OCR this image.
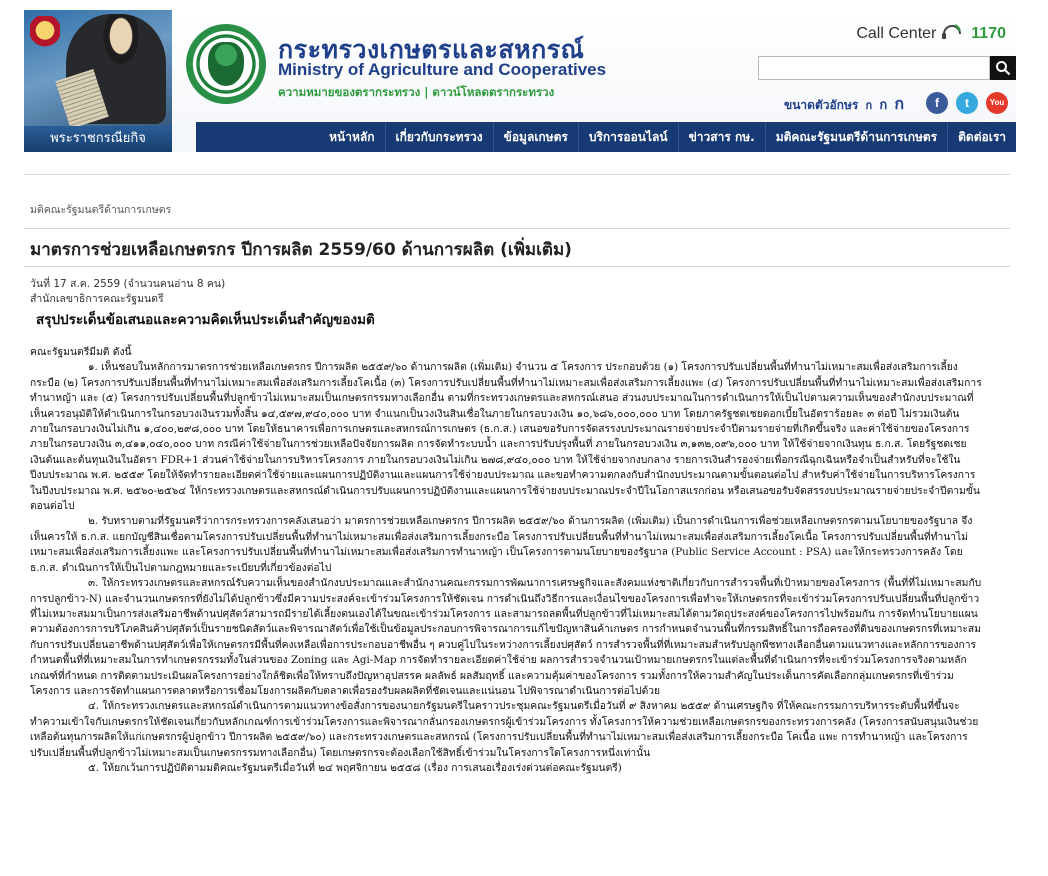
พระราชกรณียกิจ
กระทรวงเกษตรและสหกรณ์
Ministry of Agriculture and Cooperatives
ความหมายของตรากระทรวง | ดาวน์โหลดตรากระทรวง
Call Center 1170
ขนาดตัวอักษร ก ก ก	f	t	You
หน้าหลัก	เกี่ยวกับกระทรวง	ข้อมูลเกษตร	บริการออนไลน์	ข่าวสาร กษ.	มติคณะรัฐมนตรีด้านการเกษตร	ติดต่อเรา
มติคณะรัฐมนตรีด้านการเกษตร
มาตรการช่วยเหลือเกษตรกร ปีการผลิต 2559/60 ด้านการผลิต (เพิ่มเติม)
วันที่ 17 ส.ค. 2559 (จำนวนคนอ่าน 8 คน)
สำนักเลขาธิการคณะรัฐมนตรี
สรุปประเด็นข้อเสนอและความคิดเห็นประเด็นสำคัญของมติ

คณะรัฐมนตรีมีมติ ดังนี้

๑. เห็นชอบในหลักการมาตรการช่วยเหลือเกษตรกร ปีการผลิต ๒๕๕๙/๖๐ ด้านการผลิต (เพิ่มเติม) จำนวน ๕ โครงการ ประกอบด้วย (๑) โครงการปรับเปลี่ยนพื้นที่ทำนาไม่เหมาะสมเพื่อส่งเสริมการเลี้ยงกระบือ (๒) โครงการปรับเปลี่ยนพื้นที่ทำนาไม่เหมาะสมเพื่อส่งเสริมการเลี้ยงโคเนื้อ (๓) โครงการปรับเปลี่ยนพื้นที่ทำนาไม่เหมาะสมเพื่อส่งเสริมการเลี้ยงแพะ (๔) โครงการปรับเปลี่ยนพื้นที่ทำนาไม่เหมาะสมเพื่อส่งเสริมการทำนาหญ้า และ (๕) โครงการปรับเปลี่ยนพื้นที่ปลูกข้าวไม่เหมาะสมเป็นเกษตรกรรมทางเลือกอื่น ตามที่กระทรวงเกษตรและสหกรณ์เสนอ ส่วนงบประมาณในการดำเนินการให้เป็นไปตามความเห็นของสำนักงบประมาณที่เห็นควรอนุมัติให้ดำเนินการในกรอบวงเงินรวมทั้งสิ้น ๑๔,๕๙๗,๙๔๐,๐๐๐ บาท จำแนกเป็นวงเงินสินเชื่อในภายในกรอบวงเงิน ๑๐,๖๘๖,๐๐๐,๐๐๐ บาท โดยภาครัฐชดเชยดอกเบี้ยในอัตราร้อยละ ๓ ต่อปี ไม่รวมเงินต้น ภายในกรอบวงเงินไม่เกิน ๑,๔๐๐,๒๙๘,๐๐๐ บาท โดยให้ธนาคารเพื่อการเกษตรและสหกรณ์การเกษตร (ธ.ก.ส.) เสนอขอรับการจัดสรรงบประมาณรายจ่ายประจำปีตามรายจ่ายที่เกิดขึ้นจริง และค่าใช้จ่ายของโครงการ ภายในกรอบวงเงิน ๓,๔๑๑,๐๔๐,๐๐๐ บาท กรณีค่าใช้จ่ายในการช่วยเหลือปัจจัยการผลิต การจัดทำระบบน้ำ และการปรับปรุงพื้นที่ ภายในกรอบวงเงิน ๓,๑๓๒,๐๙๖,๐๐๐ บาท ให้ใช้จ่ายจากเงินทุน ธ.ก.ส. โดยรัฐชดเชยเงินต้นและต้นทุนเงินในอัตรา FDR+1 ส่วนค่าใช้จ่ายในการบริหารโครงการ ภายในกรอบวงเงินไม่เกิน ๒๗๘,๙๔๐,๐๐๐ บาท ให้ใช้จ่ายจากงบกลาง รายการเงินสำรองจ่ายเพื่อกรณีฉุกเฉินหรือจำเป็นสำหรับที่จะใช้ในปีงบประมาณ พ.ศ. ๒๕๕๙ โดยให้จัดทำรายละเอียดค่าใช้จ่ายและแผนการปฏิบัติงานและแผนการใช้จ่ายงบประมาณ และขอทำความตกลงกับสำนักงบประมาณตามขั้นตอนต่อไป สำหรับค่าใช้จ่ายในการบริหารโครงการในปีงบประมาณ พ.ศ. ๒๕๖๐-๒๕๖๔ ให้กระทรวงเกษตรและสหกรณ์ดำเนินการปรับแผนการปฏิบัติงานและแผนการใช้จ่ายงบประมาณประจำปีในโอกาสแรกก่อน หรือเสนอขอรับจัดสรรงบประมาณรายจ่ายประจำปีตามขั้นตอนต่อไป

๒. รับทราบตามที่รัฐมนตรีว่าการกระทรวงการคลังเสนอว่า มาตรการช่วยเหลือเกษตรกร ปีการผลิต ๒๕๕๙/๖๐ ด้านการผลิต (เพิ่มเติม) เป็นการดำเนินการเพื่อช่วยเหลือเกษตรกรตามนโยบายของรัฐบาล จึงเห็นควรให้ ธ.ก.ส. แยกบัญชีสินเชื่อตามโครงการปรับเปลี่ยนพื้นที่ทำนาไม่เหมาะสมเพื่อส่งเสริมการเลี้ยงกระบือ โครงการปรับเปลี่ยนพื้นที่ทำนาไม่เหมาะสมเพื่อส่งเสริมการเลี้ยงโคเนื้อ โครงการปรับเปลี่ยนพื้นที่ทำนาไม่เหมาะสมเพื่อส่งเสริมการเลี้ยงแพะ และโครงการปรับเปลี่ยนพื้นที่ทำนาไม่เหมาะสมเพื่อส่งเสริมการทำนาหญ้า เป็นโครงการตามนโยบายของรัฐบาล (Public Service Account : PSA) และให้กระทรวงการคลัง โดย ธ.ก.ส. ดำเนินการให้เป็นไปตามกฎหมายและระเบียบที่เกี่ยวข้องต่อไป

๓. ให้กระทรวงเกษตรและสหกรณ์รับความเห็นของสำนักงบประมาณและสำนักงานคณะกรรมการพัฒนาการเศรษฐกิจและสังคมแห่งชาติเกี่ยวกับการสำรวจพื้นที่เป้าหมายของโครงการ (พื้นที่ที่ไม่เหมาะสมกับการปลูกข้าว-N) และจำนวนเกษตรกรที่ยังไม่ได้ปลูกข้าวซึ่งมีความประสงค์จะเข้าร่วมโครงการให้ชัดเจน การดำเนินถึงวิธีการและเงื่อนไขของโครงการเพื่อทำจะให้เกษตรกรที่จะเข้าร่วมโครงการปรับเปลี่ยนพื้นที่ปลูกข้าวที่ไม่เหมาะสมมาเป็นการส่งเสริมอาชีพด้านปศุสัตว์สามารถมีรายได้เลี้ยงตนเองได้ในขณะเข้าร่วมโครงการ และสามารถลดพื้นที่ปลูกข้าวที่ไม่เหมาะสมได้ตามวัตถุประสงค์ของโครงการไปพร้อมกัน การจัดทำนโยบายแผนความต้องการการบริโภคสินค้าปศุสัตว์เป็นรายชนิดสัตว์และพิจารณาสัตว์เพื่อใช้เป็นข้อมูลประกอบการพิจารณาการแก้ไขปัญหาสินค้าเกษตร การกำหนดจำนวนพื้นที่กรรมสิทธิ์ในการถือครองที่ดินของเกษตรกรที่เหมาะสมกับการปรับเปลี่ยนอาชีพด้านปศุสัตว์เพื่อให้เกษตรกรมีพื้นที่คงเหลือเพื่อการประกอบอาชีพอื่น ๆ ควบคู่ไปในระหว่างการเลี้ยงปศุสัตว์ การสำรวจพื้นที่ที่เหมาะสมสำหรับปลูกพืชทางเลือกอื่นตามแนวทางและหลักการของการกำหนดพื้นที่ที่เหมาะสมในการทำเกษตรกรรมทั้งในส่วนของ Zoning และ Agi-Map การจัดทำรายละเอียดค่าใช้จ่าย ผลการสำรวจจำนวนเป้าหมายเกษตรกรในแต่ละพื้นที่ดำเนินการที่จะเข้าร่วมโครงการจริงตามหลักเกณฑ์ที่กำหนด การติดตามประเมินผลโครงการอย่างใกล้ชิดเพื่อให้ทราบถึงปัญหาอุปสรรค ผลลัพธ์ ผลสัมฤทธิ์ และความคุ้มค่าของโครงการ รวมทั้งการให้ความสำคัญในประเด็นการคัดเลือกกลุ่มเกษตรกรที่เข้าร่วมโครงการ และการจัดทำแผนการตลาดหรือการเชื่อมโยงการผลิตกับตลาดเพื่อรองรับผลผลิตที่ชัดเจนและแน่นอน ไปพิจารณาดำเนินการต่อไปด้วย

๔. ให้กระทรวงเกษตรและสหกรณ์ดำเนินการตามแนวทางข้อสั่งการของนายกรัฐมนตรีในคราวประชุมคณะรัฐมนตรีเมื่อวันที่ ๙ สิงหาคม ๒๕๕๙ ด้านเศรษฐกิจ ที่ให้คณะกรรมการบริหารระดับพื้นที่ขึ้นจะทำความเข้าใจกับเกษตรกรให้ชัดเจนเกี่ยวกับหลักเกณฑ์การเข้าร่วมโครงการและพิจารณากลั่นกรองเกษตรกรผู้เข้าร่วมโครงการ ทั้งโครงการให้ความช่วยเหลือเกษตรกรของกระทรวงการคลัง (โครงการสนับสนุนเงินช่วยเหลือต้นทุนการผลิตให้แก่เกษตรกรผู้ปลูกข้าว ปีการผลิต ๒๕๕๙/๖๐) และกระทรวงเกษตรและสหกรณ์ (โครงการปรับเปลี่ยนพื้นที่ทำนาไม่เหมาะสมเพื่อส่งเสริมการเลี้ยงกระบือ โคเนื้อ แพะ การทำนาหญ้า และโครงการปรับเปลี่ยนพื้นที่ปลูกข้าวไม่เหมาะสมเป็นเกษตรกรรมทางเลือกอื่น) โดยเกษตรกรจะต้องเลือกใช้สิทธิ์เข้าร่วมในโครงการใดโครงการหนึ่งเท่านั้น

๕. ให้ยกเว้นการปฏิบัติตามมติคณะรัฐมนตรีเมื่อวันที่ ๒๔ พฤศจิกายน ๒๕๕๘ (เรื่อง การเสนอเรื่องเร่งด่วนต่อคณะรัฐมนตรี)
